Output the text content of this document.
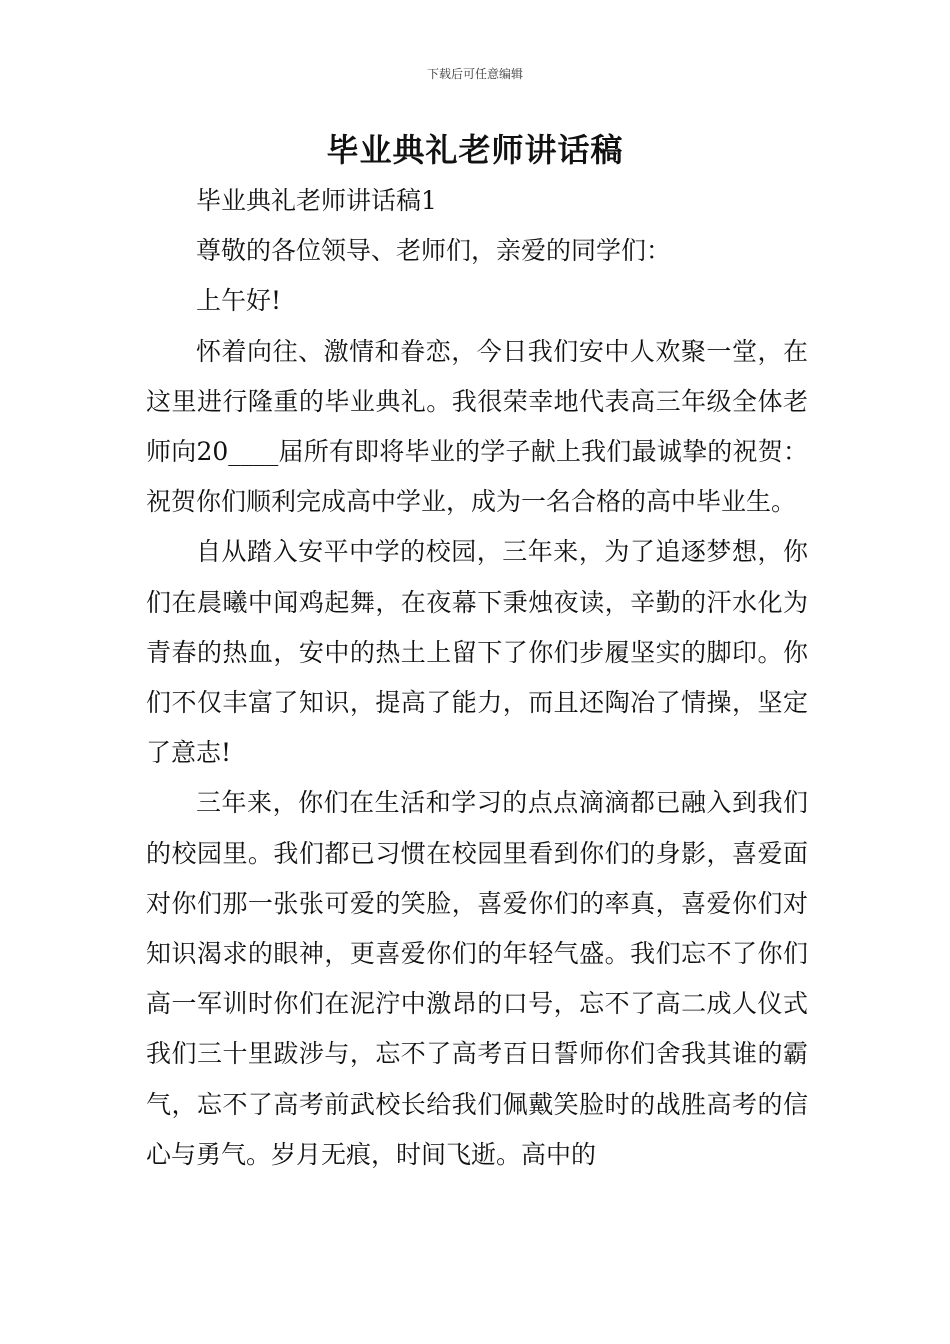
下载后可任意编辑
毕业典礼老师讲话稿

毕业典礼老师讲话稿1

尊敬的各位领导、老师们，亲爱的同学们：

上午好!

怀着向往、激情和眷恋，今日我们安中人欢聚一堂，在这里进行隆重的毕业典礼。我很荣幸地代表高三年级全体老师向20____届所有即将毕业的学子献上我们最诚挚的祝贺：祝贺你们顺利完成高中学业，成为一名合格的高中毕业生。

自从踏入安平中学的校园，三年来，为了追逐梦想，你们在晨曦中闻鸡起舞，在夜幕下秉烛夜读，辛勤的汗水化为青春的热血，安中的热土上留下了你们步履坚实的脚印。你们不仅丰富了知识，提高了能力，而且还陶冶了情操，坚定了意志!

三年来，你们在生活和学习的点点滴滴都已融入到我们的校园里。我们都已习惯在校园里看到你们的身影，喜爱面对你们那一张张可爱的笑脸，喜爱你们的率真，喜爱你们对知识渴求的眼神，更喜爱你们的年轻气盛。我们忘不了你们高一军训时你们在泥泞中激昂的口号，忘不了高二成人仪式我们三十里跋涉与，忘不了高考百日誓师你们舍我其谁的霸气，忘不了高考前武校长给我们佩戴笑脸时的战胜高考的信心与勇气。岁月无痕，时间飞逝。高中的
